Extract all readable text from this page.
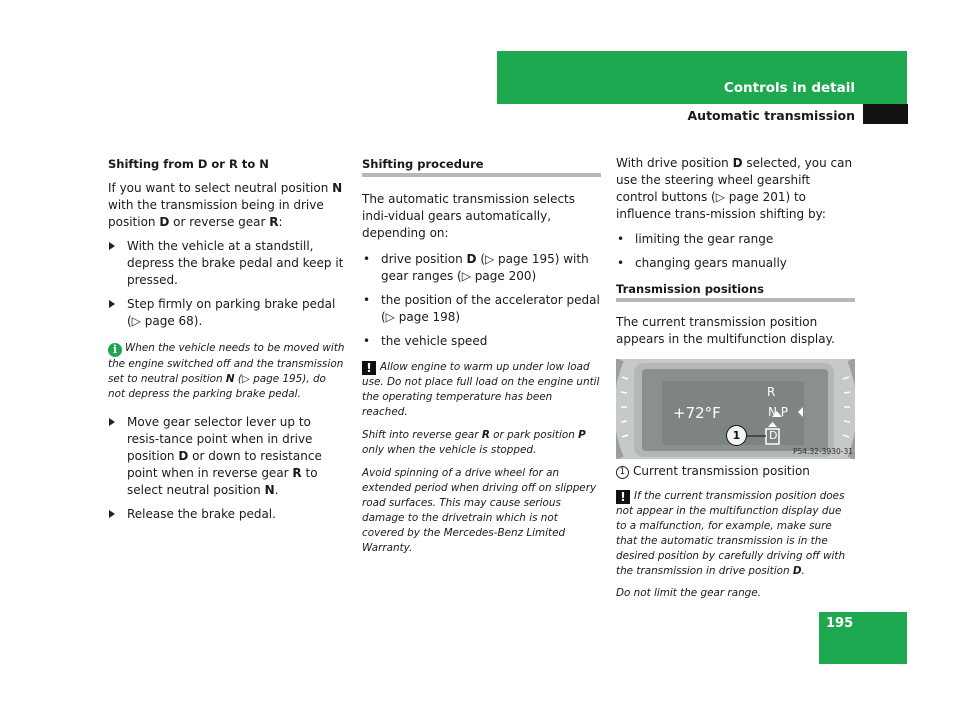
Controls in detail
Automatic transmission
Shifting from D or R to N

If you want to select neutral position N with the transmission being in drive position D or reverse gear R:

With the vehicle at a standstill, depress the brake pedal and keep it pressed.
Step firmly on parking brake pedal (▷ page 68).
i When the vehicle needs to be moved with the engine switched off and the transmission set to neutral position N (▷ page 195), do not depress the parking brake pedal.
Move gear selector lever up to resis-tance point when in drive position D or down to resistance point when in reverse gear R to select neutral position N.
Release the brake pedal.
Shifting procedure

The automatic transmission selects indi-vidual gears automatically, depending on:

• drive position D (▷ page 195) with gear ranges (▷ page 200)
• the position of the accelerator pedal (▷ page 198)
• the vehicle speed
! Allow engine to warm up under low load use. Do not place full load on the engine until the operating temperature has been reached.
Shift into reverse gear R or park position P only when the vehicle is stopped.
Avoid spinning of a drive wheel for an extended period when driving off on slippery road surfaces. This may cause serious damage to the drivetrain which is not covered by the Mercedes-Benz Limited Warranty.

With drive position D selected, you can use the steering wheel gearshift control buttons (▷ page 201) to influence trans-mission shifting by:

• limiting the gear range
• changing gears manually
Transmission positions

The current transmission position appears in the multifunction display.

+72°F
R
N P
D
1
P54.32-3930-31

1 Current transmission position

! If the current transmission position does not appear in the multifunction display due to a malfunction, for example, make sure that the automatic transmission is in the desired position by carefully driving off with the transmission in drive position D.
Do not limit the gear range.
195
